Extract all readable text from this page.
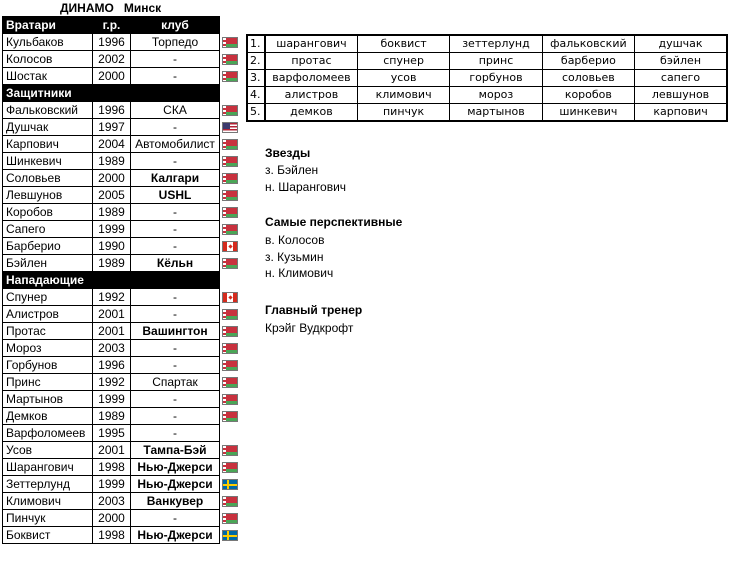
ДИНАМО   Минск
Вратари	г.р.	клуб
Кульбаков	1996	Торпедо
Колосов	2002	-
Шостак	2000	-
Защитники		
Фальковский	1996	СКА
Душчак	1997	-
Карпович	2004	Автомобилист
Шинкевич	1989	-
Соловьев	2000	Калгари
Левшунов	2005	USHL
Коробов	1989	-
Сапего	1999	-
Барберио	1990	-
Бэйлен	1989	Кёльн
Нападающие		
Спунер	1992	-
Алистров	2001	-
Протас	2001	Вашингтон
Мороз	2003	-
Горбунов	1996	-
Принс	1992	Спартак
Мартынов	1999	-
Демков	1989	-
Варфоломеев	1995	-
Усов	2001	Тампа-Бэй
Шарангович	1998	Нью-Джерси
Зеттерлунд	1999	Нью-Джерси
Климович	2003	Ванкувер
Пинчук	2000	-
Боквист	1998	Нью-Джерси
1.	шарангович	боквист	зеттерлунд	фальковский	душчак
2.	протас	спунер	принс	барберио	бэйлен
3.	варфоломеев	усов	горбунов	соловьев	сапего
4.	алистров	климович	мороз	коробов	левшунов
5.	демков	пинчук	мартынов	шинкевич	карпович
Звезды
з. Бэйлен
н. Шарангович
Самые перспективные
в. Колосов
з. Кузьмин
н. Климович
Главный тренер
Крэйг Вудкрофт
